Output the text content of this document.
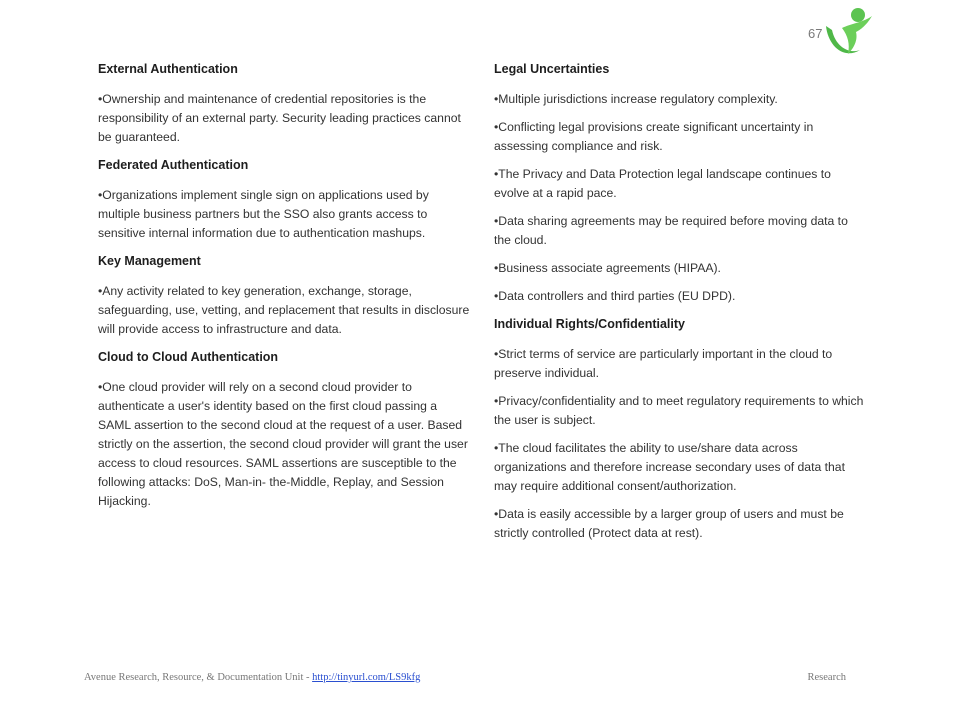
67
External Authentication

•Ownership and maintenance of credential repositories is the responsibility of an external party. Security leading practices cannot be guaranteed.

Federated Authentication

•Organizations implement single sign on applications used by multiple business partners but the SSO also grants access to sensitive internal information due to authentication mashups.

Key Management

•Any activity related to key generation, exchange, storage, safeguarding, use, vetting, and replacement that results in disclosure will provide access to infrastructure and data.

Cloud to Cloud Authentication

•One cloud provider will rely on a second cloud provider to authenticate a user's identity based on the first cloud passing a SAML assertion to the second cloud at the request of a user. Based strictly on the assertion, the second cloud provider will grant the user access to cloud resources. SAML assertions are susceptible to the following attacks: DoS, Man-in- the-Middle, Replay, and Session Hijacking.

Legal Uncertainties

•Multiple jurisdictions increase regulatory complexity.

•Conflicting legal provisions create significant uncertainty in assessing compliance and risk.

•The Privacy and Data Protection legal landscape continues to evolve at a rapid pace.

•Data sharing agreements may be required before moving data to the cloud.

•Business associate agreements (HIPAA).

•Data controllers and third parties (EU DPD).

Individual Rights/Confidentiality

•Strict terms of service are particularly important in the cloud to preserve individual.

•Privacy/confidentiality and to meet regulatory requirements to which the user is subject.

•The cloud facilitates the ability to use/share data across organizations and therefore increase secondary uses of data that may require additional consent/authorization.

•Data is easily accessible by a larger group of users and must be strictly controlled (Protect data at rest).

Avenue Research, Resource, & Documentation Unit - http://tinyurl.com/LS9kfg	Research
